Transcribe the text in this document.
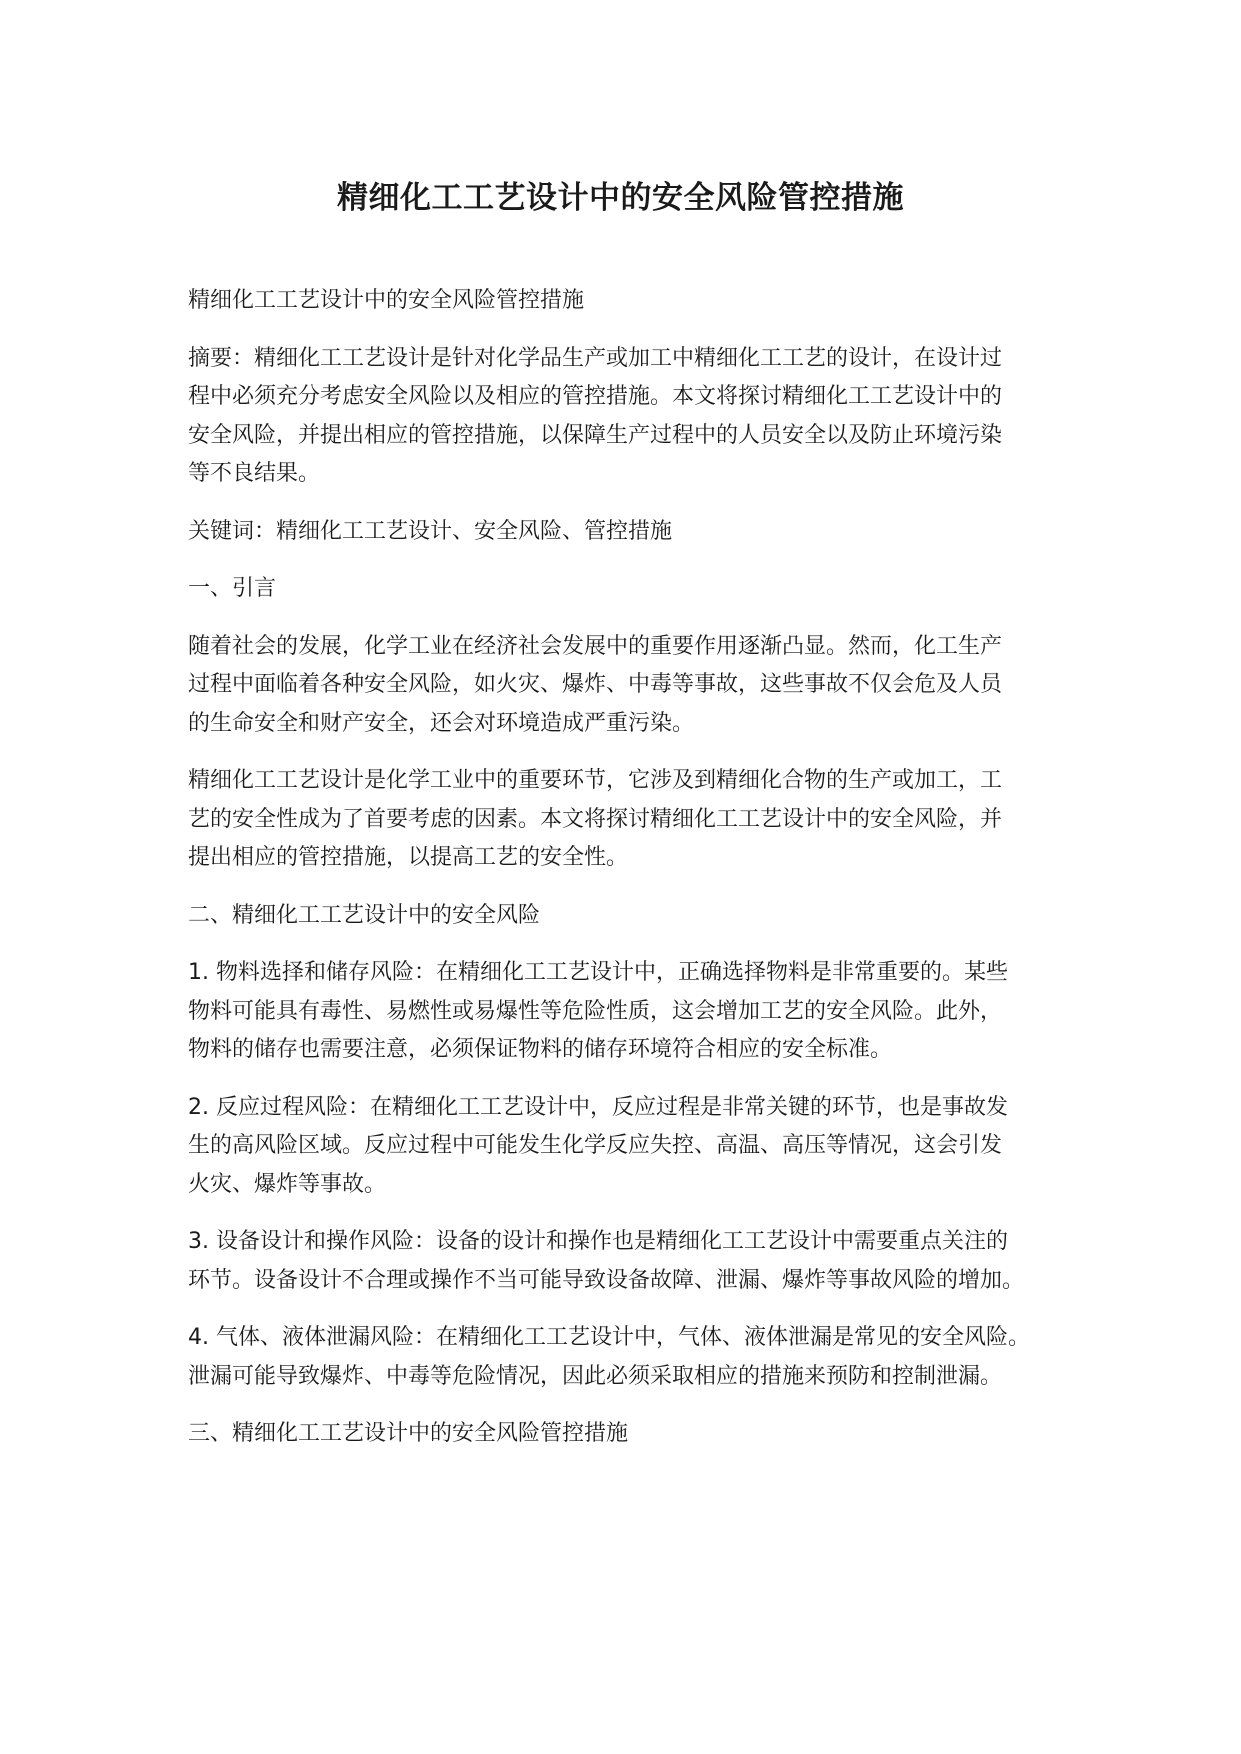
精细化工工艺设计中的安全风险管控措施

精细化工工艺设计中的安全风险管控措施

摘要：精细化工工艺设计是针对化学品生产或加工中精细化工工艺的设计，在设计过
程中必须充分考虑安全风险以及相应的管控措施。本文将探讨精细化工工艺设计中的
安全风险，并提出相应的管控措施，以保障生产过程中的人员安全以及防止环境污染
等不良结果。

关键词：精细化工工艺设计、安全风险、管控措施

一、引言

随着社会的发展，化学工业在经济社会发展中的重要作用逐渐凸显。然而，化工生产
过程中面临着各种安全风险，如火灾、爆炸、中毒等事故，这些事故不仅会危及人员
的生命安全和财产安全，还会对环境造成严重污染。

精细化工工艺设计是化学工业中的重要环节，它涉及到精细化合物的生产或加工，工
艺的安全性成为了首要考虑的因素。本文将探讨精细化工工艺设计中的安全风险，并
提出相应的管控措施，以提高工艺的安全性。

二、精细化工工艺设计中的安全风险

1. 物料选择和储存风险：在精细化工工艺设计中，正确选择物料是非常重要的。某些
物料可能具有毒性、易燃性或易爆性等危险性质，这会增加工艺的安全风险。此外，
物料的储存也需要注意，必须保证物料的储存环境符合相应的安全标准。

2. 反应过程风险：在精细化工工艺设计中，反应过程是非常关键的环节，也是事故发
生的高风险区域。反应过程中可能发生化学反应失控、高温、高压等情况，这会引发
火灾、爆炸等事故。

3. 设备设计和操作风险：设备的设计和操作也是精细化工工艺设计中需要重点关注的
环节。设备设计不合理或操作不当可能导致设备故障、泄漏、爆炸等事故风险的增加。

4. 气体、液体泄漏风险：在精细化工工艺设计中，气体、液体泄漏是常见的安全风险。
泄漏可能导致爆炸、中毒等危险情况，因此必须采取相应的措施来预防和控制泄漏。

三、精细化工工艺设计中的安全风险管控措施
